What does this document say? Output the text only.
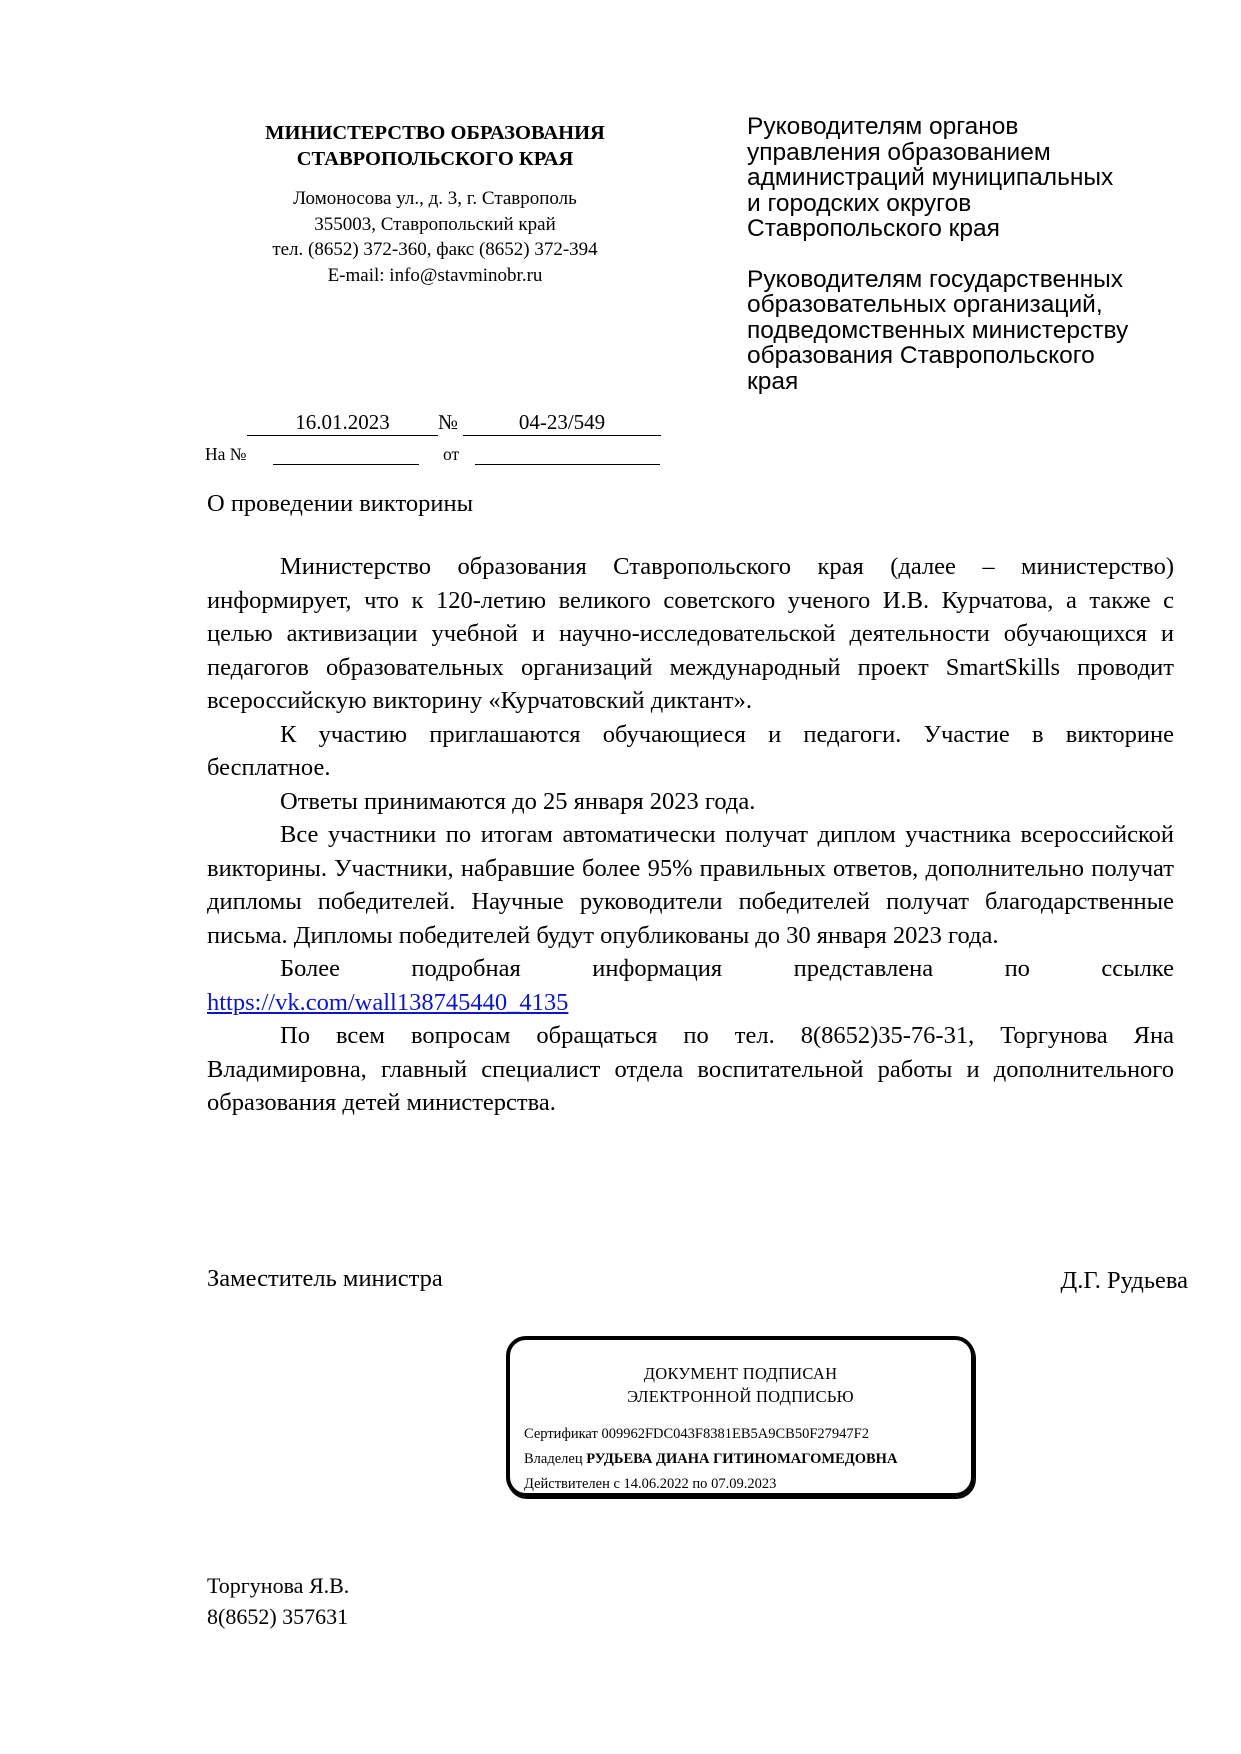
МИНИСТЕРСТВО ОБРАЗОВАНИЯ
СТАВРОПОЛЬСКОГО КРАЯ
Ломоносова ул., д. 3, г. Ставрополь
355003, Ставропольский край
тел. (8652) 372-360, факс (8652) 372-394
E-mail: info@stavminobr.ru
Руководителям органов
управления образованием
администраций муниципальных
и городских округов
Ставропольского края
Руководителям государственных
образовательных организаций,
подведомственных министерству
образования Ставропольского
края
16.01.2023	№	04-23/549
На №	от
О проведении викторины

Министерство образования Ставропольского края (далее – министерство) информирует, что к 120-летию великого советского ученого И.В. Курчатова, а также с целью активизации учебной и научно-исследовательской деятельности обучающихся и педагогов образовательных организаций международный проект SmartSkills проводит всероссийскую викторину «Курчатовский диктант».

К участию приглашаются обучающиеся и педагоги. Участие в викторине бесплатное.

Ответы принимаются до 25 января 2023 года.

Все участники по итогам автоматически получат диплом участника всероссийской викторины. Участники, набравшие более 95% правильных ответов, дополнительно получат дипломы победителей. Научные руководители победителей получат благодарственные письма. Дипломы победителей будут опубликованы до 30 января 2023 года.

Более подробная информация представлена по ссылке https://vk.com/wall138745440_4135

По всем вопросам обращаться по тел. 8(8652)35-76-31, Торгунова Яна Владимировна, главный специалист отдела воспитательной работы и дополнительного образования детей министерства.

Заместитель министра	Д.Г. Рудьева
ДОКУМЕНТ ПОДПИСАН
ЭЛЕКТРОННОЙ ПОДПИСЬЮ
Сертификат 009962FDC043F8381EB5A9CB50F27947F2
Владелец РУДЬЕВА ДИАНА ГИТИНОМАГОМЕДОВНА
Действителен с 14.06.2022 по 07.09.2023
Торгунова Я.В.
8(8652) 357631
